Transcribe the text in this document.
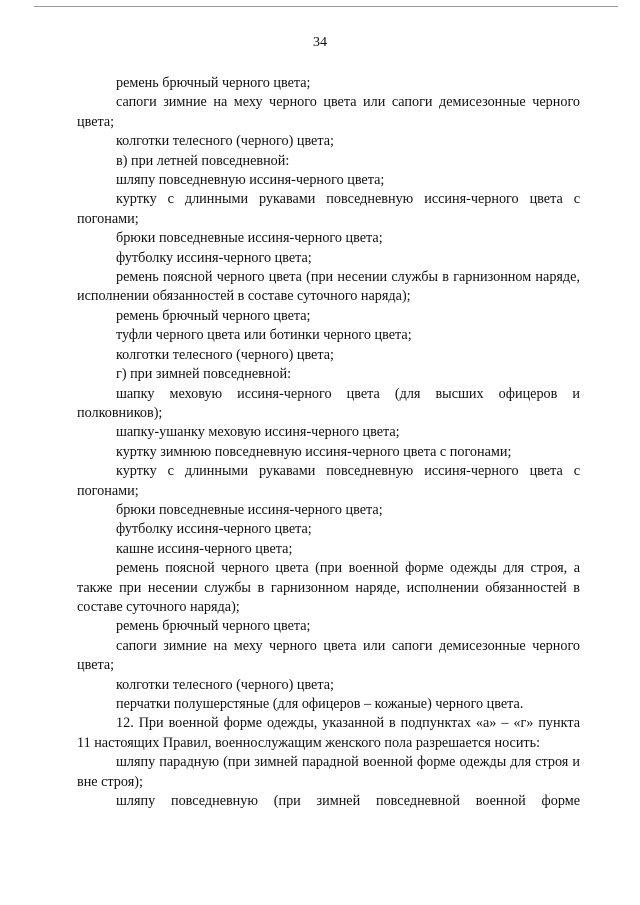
34

ремень брючный черного цвета;

сапоги зимние на меху черного цвета или сапоги демисезонные черного цвета;

колготки телесного (черного) цвета;

в) при летней повседневной:

шляпу повседневную иссиня-черного цвета;

куртку с длинными рукавами повседневную иссиня-черного цвета с погонами;

брюки повседневные иссиня-черного цвета;

футболку иссиня-черного цвета;

ремень поясной черного цвета (при несении службы в гарнизонном наряде, исполнении обязанностей в составе суточного наряда);

ремень брючный черного цвета;

туфли черного цвета или ботинки черного цвета;

колготки телесного (черного) цвета;

г) при зимней повседневной:

шапку меховую иссиня-черного цвета (для высших офицеров и полковников);

шапку-ушанку меховую иссиня-черного цвета;

куртку зимнюю повседневную иссиня-черного цвета с погонами;

куртку с длинными рукавами повседневную иссиня-черного цвета с погонами;

брюки повседневные иссиня-черного цвета;

футболку иссиня-черного цвета;

кашне иссиня-черного цвета;

ремень поясной черного цвета (при военной форме одежды для строя, а также при несении службы в гарнизонном наряде, исполнении обязанностей в составе суточного наряда);

ремень брючный черного цвета;

сапоги зимние на меху черного цвета или сапоги демисезонные черного цвета;

колготки телесного (черного) цвета;

перчатки полушерстяные (для офицеров – кожаные) черного цвета.

12. При военной форме одежды, указанной в подпунктах «а» – «г» пункта 11 настоящих Правил, военнослужащим женского пола разрешается носить:

шляпу парадную (при зимней парадной военной форме одежды для строя и вне строя);

шляпу повседневную (при зимней повседневной военной форме
